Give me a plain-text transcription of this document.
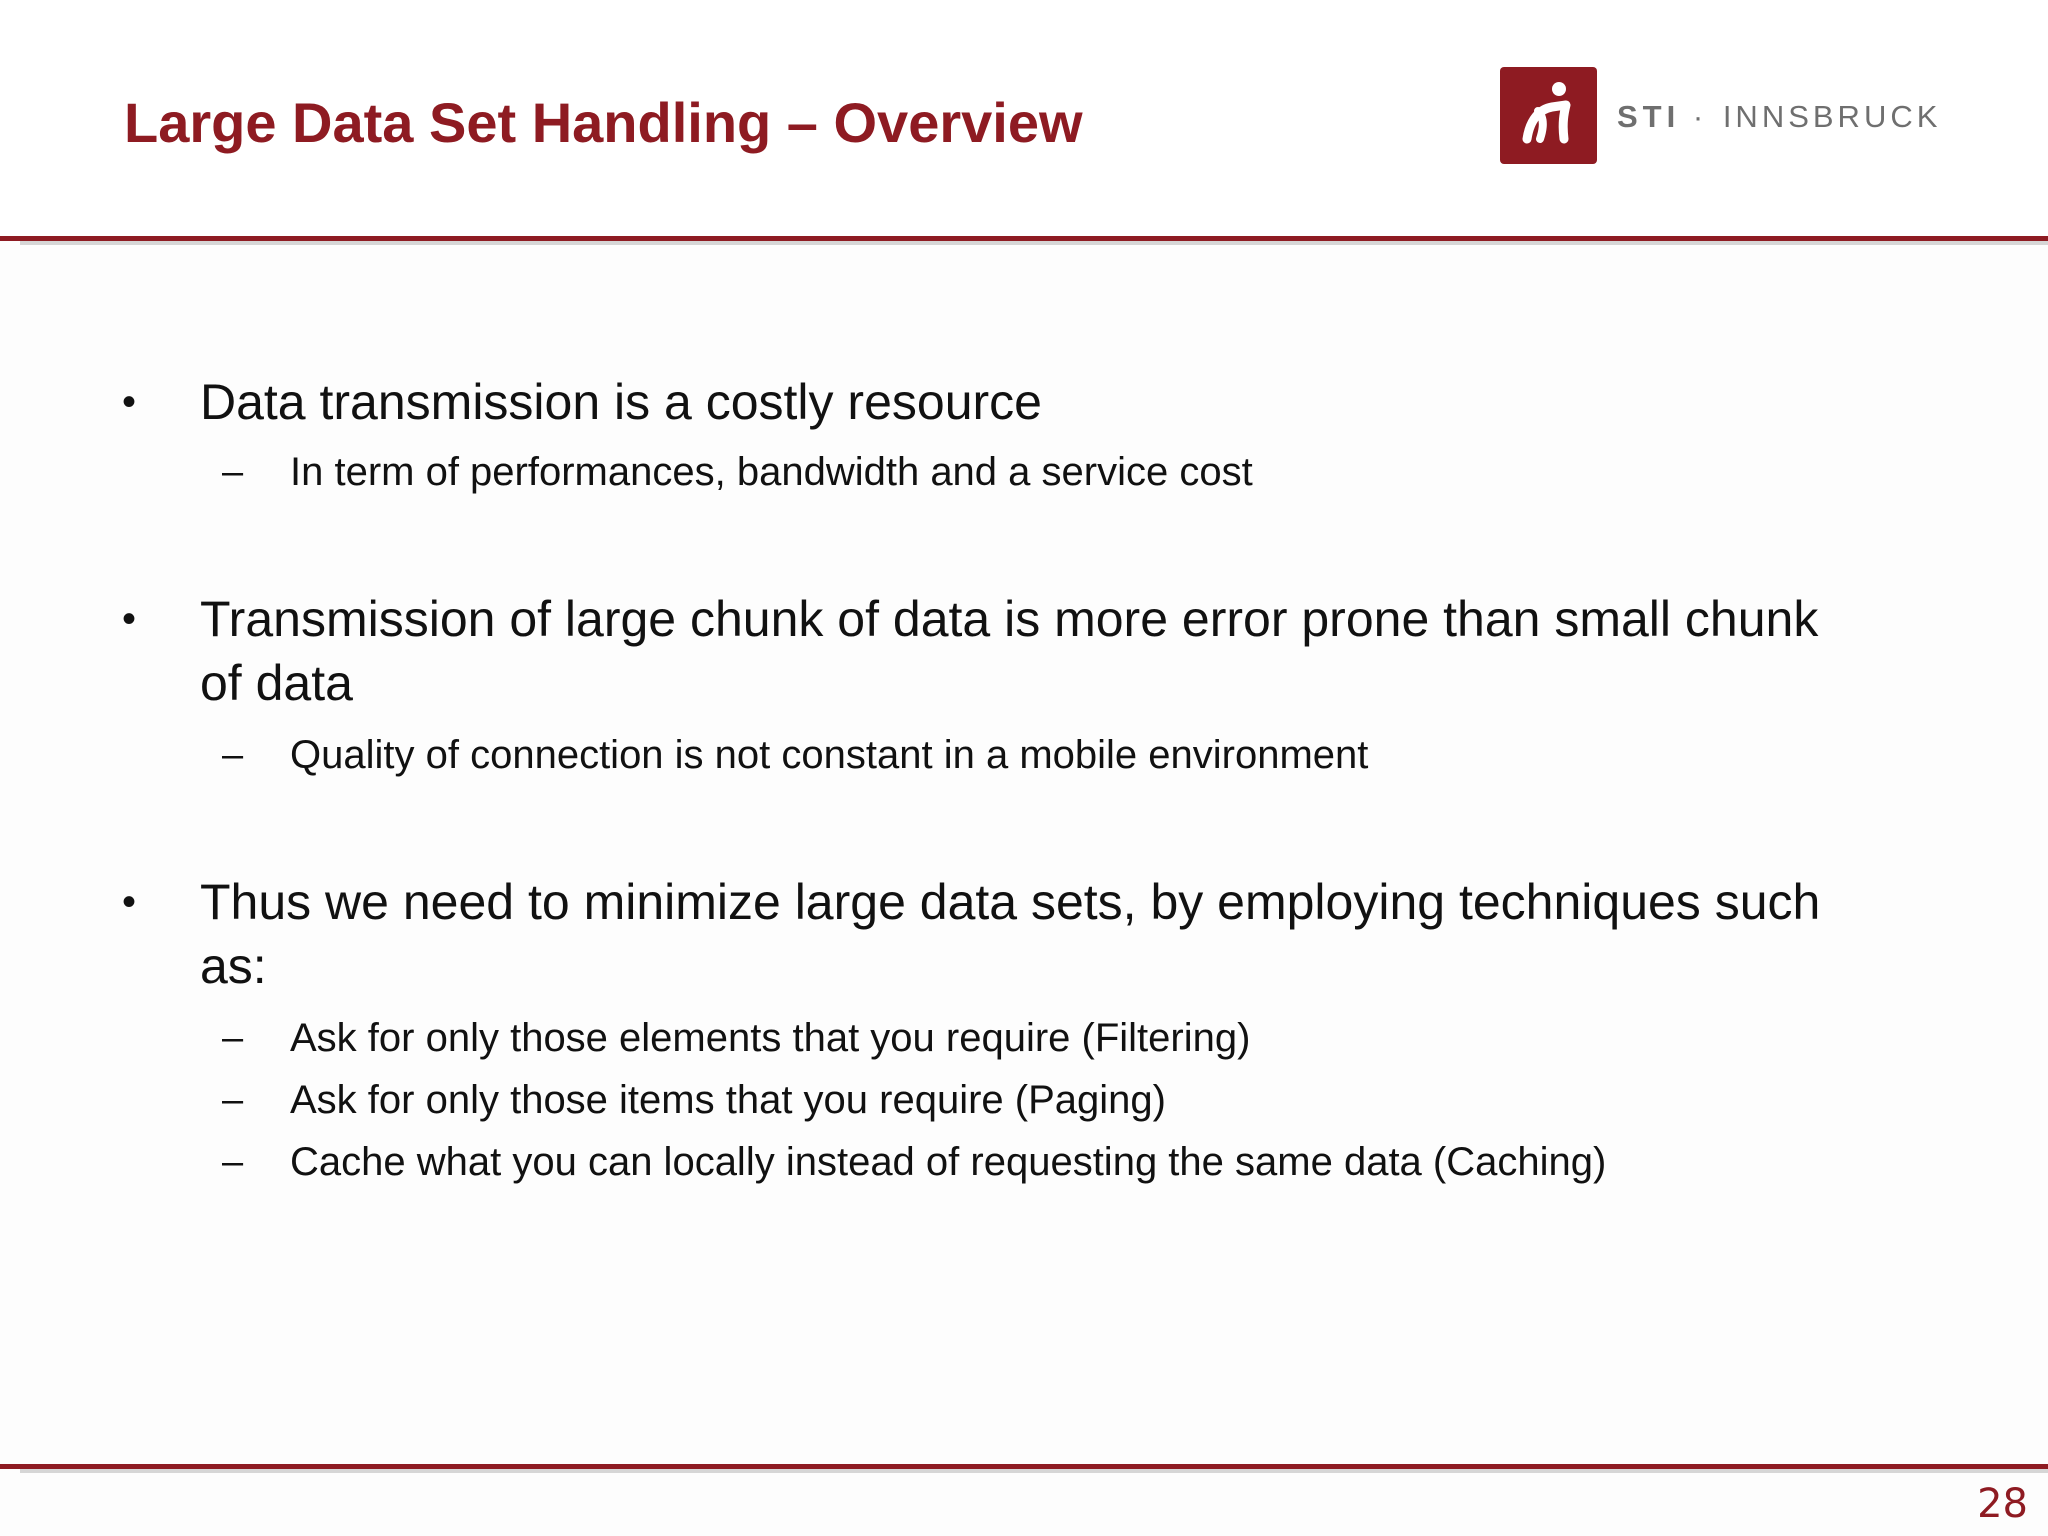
Large Data Set Handling – Overview	STI · INNSBRUCK
• Data transmission is a costly resource

– In term of performances, bandwidth and a service cost
• Transmission of large chunk of data is more error prone than small chunk of data

– Quality of connection is not constant in a mobile environment
• Thus we need to minimize large data sets, by employing techniques such as:

– Ask for only those elements that you require (Filtering)
– Ask for only those items that you require (Paging)
– Cache what you can locally instead of requesting the same data (Caching)
28
